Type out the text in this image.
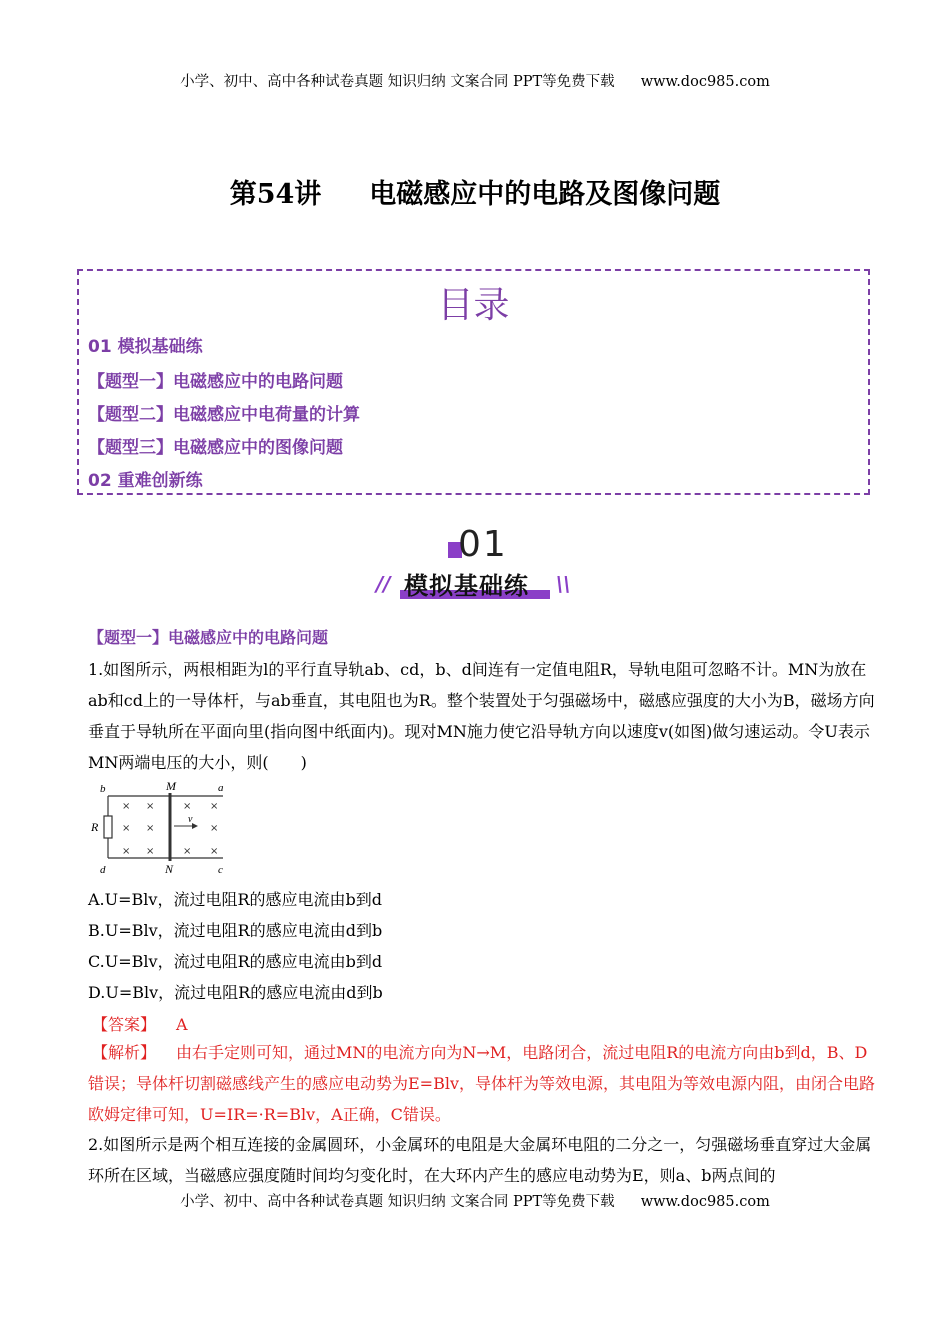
小学、初中、高中各种试卷真题 知识归纳 文案合同 PPT等免费下载 www.doc985.com
第54讲 电磁感应中的电路及图像问题
目录
01 模拟基础练
【题型一】电磁感应中的电路问题
【题型二】电磁感应中电荷量的计算
【题型三】电磁感应中的图像问题
02 重难创新练
01
模拟基础练
//	\\
【题型一】电磁感应中的电路问题
1.如图所示，两根相距为l的平行直导轨ab、cd，b、d间连有一定值电阻R，导轨电阻可忽略不计。MN为放在ab和cd上的一导体杆，与ab垂直，其电阻也为R。整个装置处于匀强磁场中，磁感应强度的大小为B，磁场方向垂直于导轨所在平面向里(指向图中纸面内)。现对MN施力使它沿导轨方向以速度v(如图)做匀速运动。令U表示MN两端电压的大小，则(　　)
b	M	a
R
v
d	N	c
× ×	× ×
× ×	×
× ×	× ×
A.U=Blv，流过电阻R的感应电流由b到d
B.U=Blv，流过电阻R的感应电流由d到b
C.U=Blv，流过电阻R的感应电流由b到d
D.U=Blv，流过电阻R的感应电流由d到b
【答案】 A
【解析】 由右手定则可知，通过MN的电流方向为N→M，电路闭合，流过电阻R的电流方向由b到d，B、D错误；导体杆切割磁感线产生的感应电动势为E=Blv，导体杆为等效电源，其电阻为等效电源内阻，由闭合电路欧姆定律可知，U=IR=·R=Blv，A正确，C错误。
2.如图所示是两个相互连接的金属圆环，小金属环的电阻是大金属环电阻的二分之一，匀强磁场垂直穿过大金属环所在区域，当磁感应强度随时间均匀变化时，在大环内产生的感应电动势为E，则a、b两点间的
小学、初中、高中各种试卷真题 知识归纳 文案合同 PPT等免费下载 www.doc985.com
